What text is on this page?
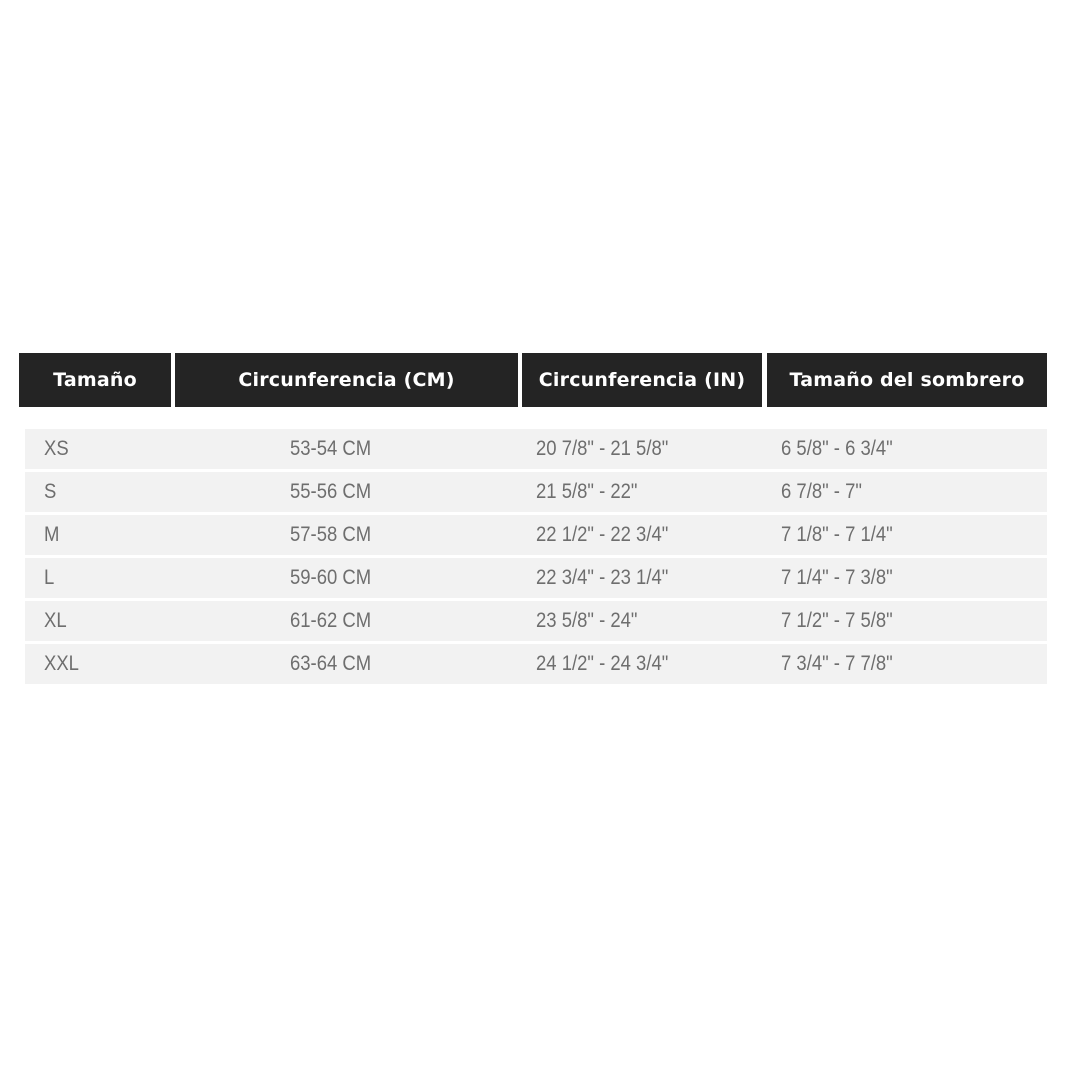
Tamaño	Circunferencia (CM)	Circunferencia (IN)	Tamaño del sombrero
XS	53-54 CM	20 7/8" - 21 5/8"	6 5/8" - 6 3/4"
S	55-56 CM	21 5/8" - 22"	6 7/8" - 7"
M	57-58 CM	22 1/2" - 22 3/4"	7 1/8" - 7 1/4"
L	59-60 CM	22 3/4" - 23 1/4"	7 1/4" - 7 3/8"
XL	61-62 CM	23 5/8" - 24"	7 1/2" - 7 5/8"
XXL	63-64 CM	24 1/2" - 24 3/4"	7 3/4" - 7 7/8"
